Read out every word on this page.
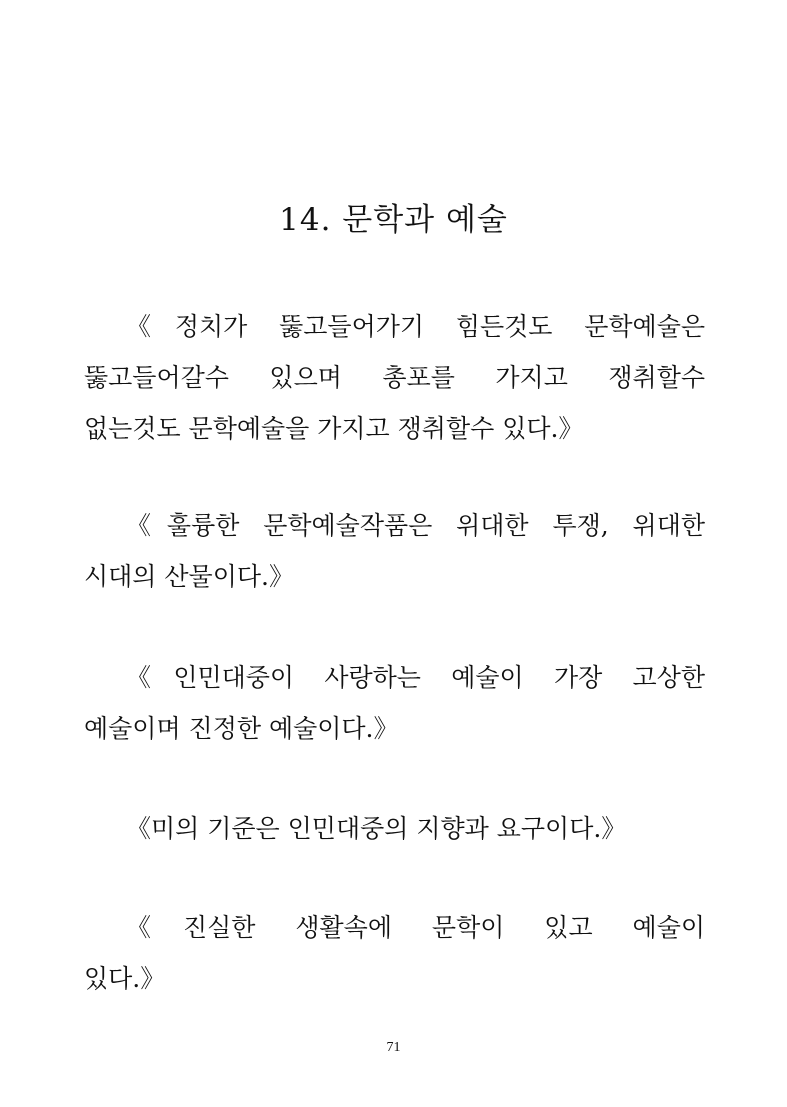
14. 문학과 예술
《정치가 뚫고들어가기 힘든것도 문학예술은
뚫고들어갈수 있으며 총포를 가지고 쟁취할수
없는것도 문학예술을 가지고 쟁취할수 있다.》
《훌륭한 문학예술작품은 위대한 투쟁, 위대한
시대의 산물이다.》
《인민대중이 사랑하는 예술이 가장 고상한
예술이며 진정한 예술이다.》
《미의 기준은 인민대중의 지향과 요구이다.》
《진실한 생활속에 문학이 있고 예술이
있다.》
71
